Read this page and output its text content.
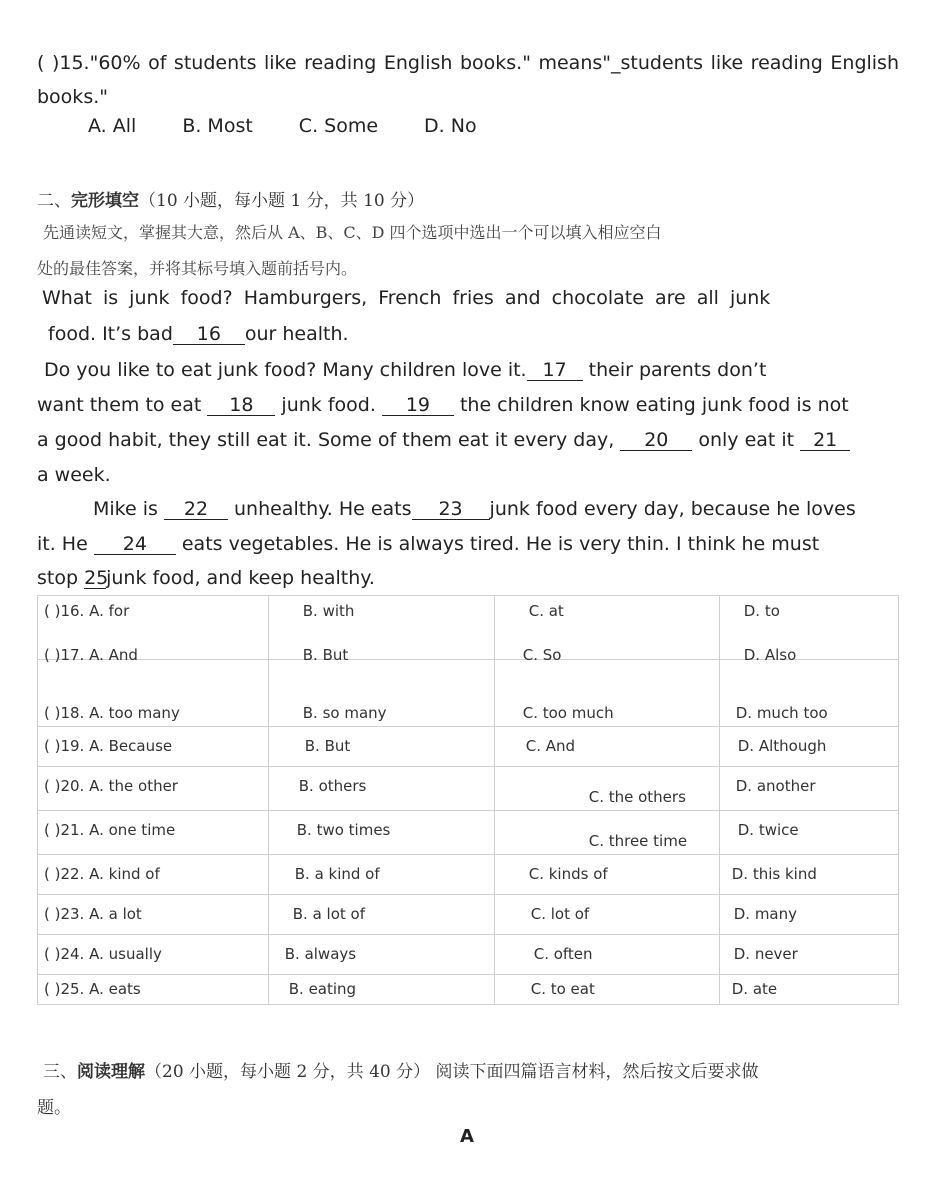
( )15."60% of students like reading English books." means"_students like reading English books."
A. All B. Most C. Some D. No
二、完形填空（10 小题，每小题 1 分，共 10 分）
先通读短文，掌握其大意，然后从 A、B、C、D 四个选项中选出一个可以填入相应空白
处的最佳答案，并将其标号填入题前括号内。
What is junk food? Hamburgers, French fries and chocolate are all junk
food. It’s bad 16 our health.
Do you like to eat junk food? Many children love it. 17 their parents don’t
want them to eat 18 junk food. 19 the children know eating junk food is not
a good habit, they still eat it. Some of them eat it every day, 20 only eat it 21
a week.
Mike is 22 unhealthy. He eats 23 junk food every day, because he loves
it. He 24 eats vegetables. He is always tired. He is very thin. I think he must
stop 25junk food, and keep healthy.
( )16. A. for	B. with	C. at	D. to

( )17. A. And	B. But	C. So	D. Also

( )18. A. too many	B. so many	C. too much	D. much too
( )19. A. Because	B. But	C. And	D. Although
( )20. A. the other	B. others	C. the others	D. another
( )21. A. one time	B. two times	C. three time	D. twice
( )22. A. kind of	B. a kind of	C. kinds of	D. this kind
( )23. A. a lot	B. a lot of	C. lot of	D. many
( )24. A. usually	B. always	C. often	D. never
( )25. A. eats	B. eating	C. to eat	D. ate
三、阅读理解（20 小题，每小题 2 分，共 40 分） 阅读下面四篇语言材料，然后按文后要求做
题。
A
